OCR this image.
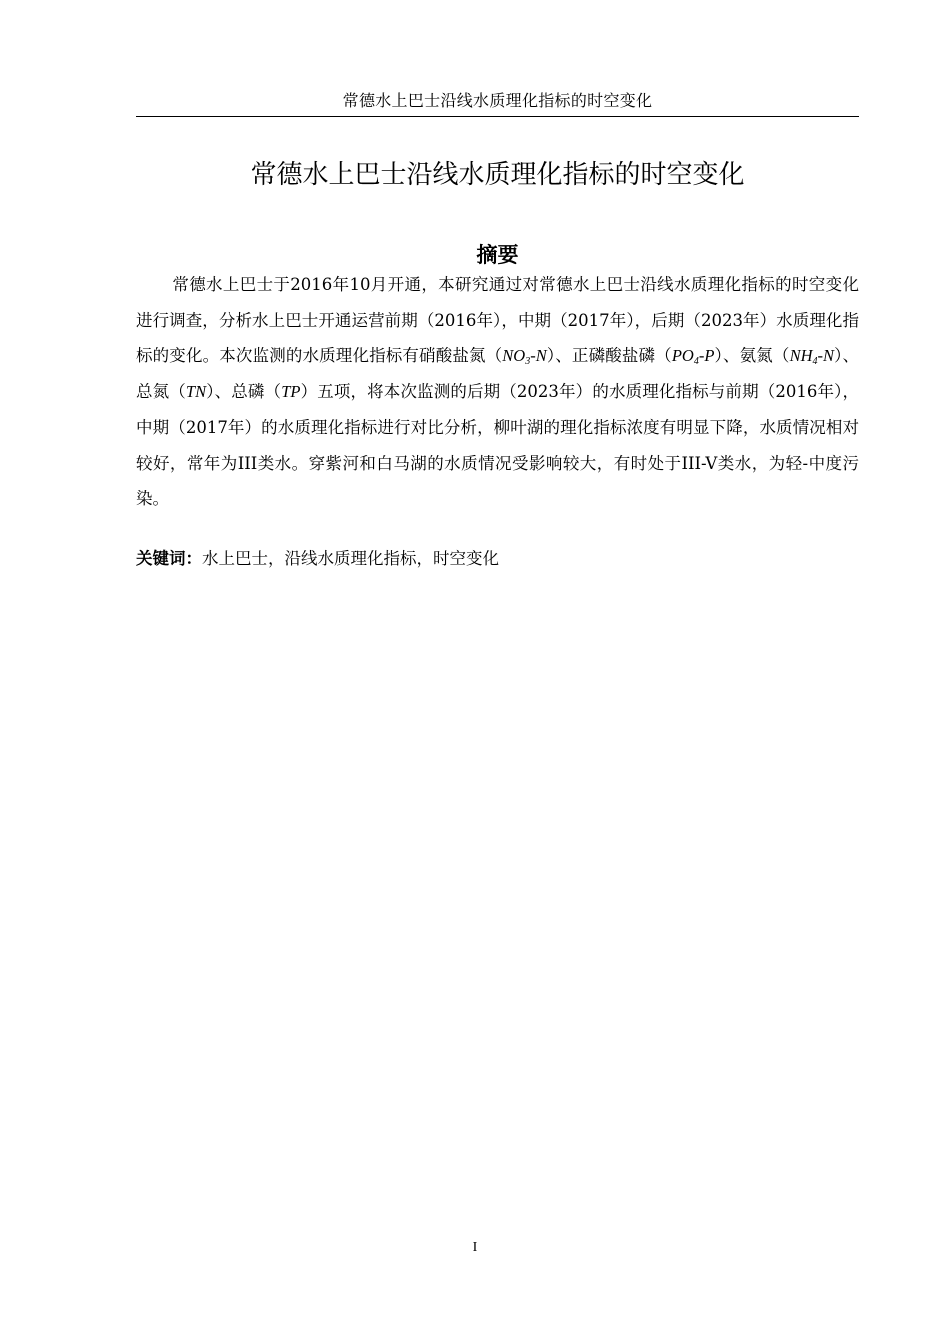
常德水上巴士沿线水质理化指标的时空变化
常德水上巴士沿线水质理化指标的时空变化
摘要

常德水上巴士于2016年10月开通，本研究通过对常德水上巴士沿线水质理化指标的时空变化进行调查，分析水上巴士开通运营前期（2016年），中期（2017年），后期（2023年）水质理化指标的变化。本次监测的水质理化指标有硝酸盐氮$(NO_3-N)$、正磷酸盐磷$(PO_4-P)$、氨氮$(NH_4-N)$、总氮（TN）、总磷（TP）五项，将本次监测的后期（2023年）的水质理化指标与前期（2016年），中期（2017年）的水质理化指标进行对比分析，柳叶湖的理化指标浓度有明显下降，水质情况相对较好，常年为III类水。穿紫河和白马湖的水质情况受影响较大，有时处于III-V类水，为轻-中度污染。

关键词：水上巴士，沿线水质理化指标，时空变化

I
